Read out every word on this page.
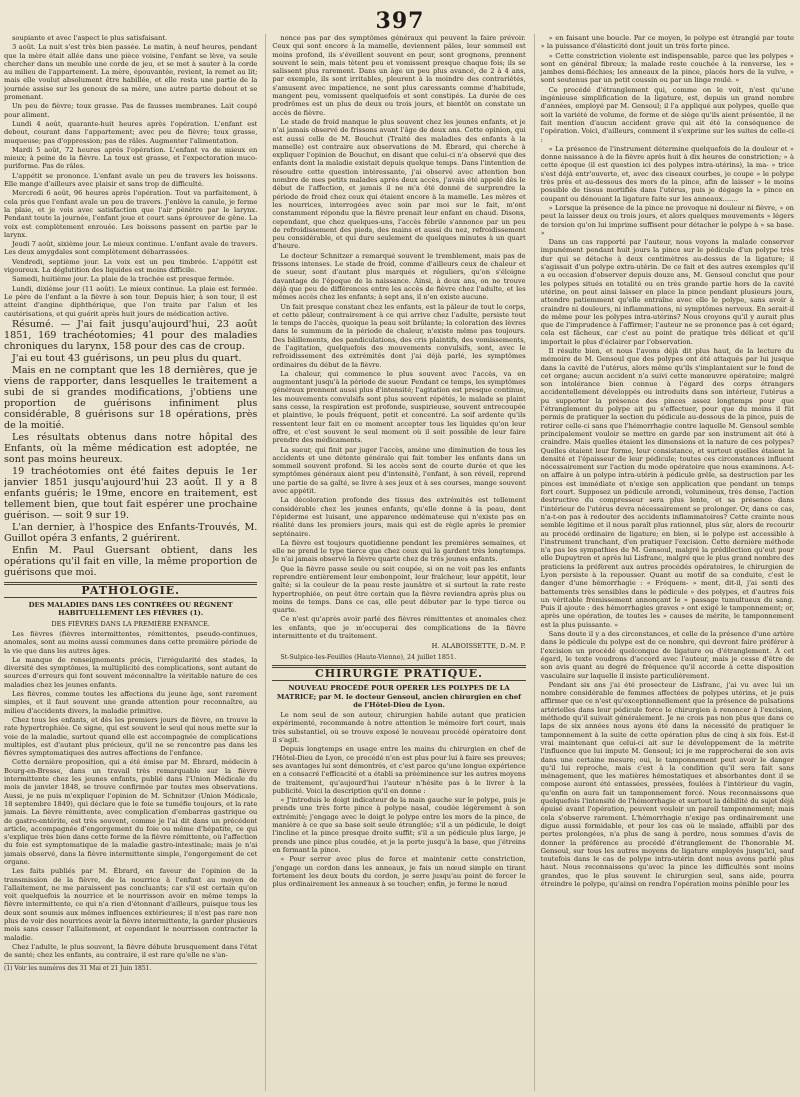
397

soupiante et avec l'aspect le plus satisfaisant.

3 août. La nuit s'est très bien passée. Le matin, à neuf heures, pendant que la mère était allée dans une pièce voisine, l'enfant se lève, va seule chercher dans un meuble une corde de jeu, et se met à sauter à la corde au milieu de l'appartement. La mère, épouvantée, revient, la remet au lit; mais elle voulut absolument être habillée, et elle resta une partie de la journée assise sur les genoux de sa mère, une autre partie debout et se promenant.

Un peu de fièvre; toux grasse. Pas de fausses membranes. Lait coupé pour aliment.

Lundi 4 août, quarante-huit heures après l'opération. L'enfant est debout, courant dans l'appartement; avec peu de fièvre; toux grasse, muqueuse; pas d'oppression; pas de râles. Augmenter l'alimentation.

Mardi 5 août, 72 heures après l'opération. L'enfant va de mieux en mieux; à peine de la fièvre. La toux est grasse, et l'expectoration muco-puriforme. Pas de râles.

L'appétit se prononce. L'enfant avale un peu de travers les boissons. Elle mange d'ailleurs avec plaisir et sans trop de difficulté.

Mercredi 6 août, 96 heures après l'opération. Tout va parfaitement, à cela près que l'enfant avale un peu de travers. J'enlève la canule, je ferme la plaie, et je vois avec satisfaction que l'air pénètre par le larynx. Pendant toute la journée, l'enfant joue et court sans éprouver de gêne. La voix est complètement enrouée. Les boissons passent en partie par le larynx.

Jeudi 7 août, sixième jour. Le mieux continue. L'enfant avale de travers. Les deux amygdales sont complètement débarrassées.

Vendredi, septième jour. La voix est un peu timbrée. L'appétit est vigoureux. La déglutition des liquides est moins difficile.

Samedi, huitième jour. La plaie de la trachée est presque fermée.

Lundi, dixième jour (11 août). Le mieux continue. La plaie est fermée. Le père de l'enfant a la fièvre à son tour. Depuis hier, à son tour, il est atteint d'angine diphthérique, que l'on traite par l'alun et les cautérisations, et qui guérit après huit jours de médication active.

Résumé. — J'ai fait jusqu'aujourd'hui, 23 août 1851, 169 trachéotomies; 41 pour des maladies chroniques du larynx, 158 pour des cas de croup.

J'ai eu tout 43 guérisons, un peu plus du quart.

Mais en ne comptant que les 18 dernières, que je viens de rapporter, dans lesquelles le traitement a subi de si grandes modifications, j'obtiens une proportion de guérisons infiniment plus considérable, 8 guérisons sur 18 opérations, près de la moitié.

Les résultats obtenus dans notre hôpital des Enfants, où la même médication est adoptée, ne sont pas moins heureux.

19 trachéotomies ont été faites depuis le 1er janvier 1851 jusqu'aujourd'hui 23 août. Il y a 8 enfants guéris; le 19me, encore en traitement, est tellement bien, que tout fait espérer une prochaine guérison. — soit 9 sur 19.

L'an dernier, à l'hospice des Enfants-Trouvés, M. Guillot opéra 3 enfants, 2 guérirent.

Enfin M. Paul Guersant obtient, dans les opérations qu'il fait en ville, la même proportion de guérisons que moi.

PATHOLOGIE.
DES MALADIES DANS LES CONTRÉES OU RÈGNENT HABITUELLEMENT LES FIÈVRES (1).
DES FIÈVRES DANS LA PREMIÈRE ENFANCE.

Les fièvres (fièvres intermittentes, rémittentes, pseudo-continues, anomales, sont au moins aussi communes dans cette première période de la vie que dans les autres âges.

Le manque de renseignements précis, l'irrégularité des stades, la diversité des symptômes, la multiplicité des complications, sont autant de sources d'erreurs qui font souvent méconnaître la véritable nature de ces maladies chez les jeunes enfants.

Les fièvres, comme toutes les affections du jeune âge, sont rarement simples, et il faut souvent une grande attention pour reconnaître, au milieu d'accidents divers, la maladie primitive.

Chez tous les enfants, et dès les premiers jours de fièvre, on trouve la rate hypertrophiée. Ce signe, qui est souvent le seul qui nous mette sur la voie de la maladie, surtout quand elle est accompagnée de complications multiples, est d'autant plus précieux, qu'il ne se rencontre pas dans les fièvres symptomatiques des autres affections de l'enfance.

Cette dernière proposition, qui a été émise par M. Ébrard, médecin à Bourg-en-Bresse, dans un travail très remarquable sur la fièvre intermittente chez les jeunes enfants, publié dans l'Union Médicale du mois de janvier 1848, se trouve confirmée par toutes mes observations. Aussi, je ne puis m'expliquer l'opinion de M. Schnitzer (Union Médicale, 18 septembre 1849), qui déclare que le foie se tuméfie toujours, et la rate jamais. La fièvre rémittente, avec complication d'embarras gastrique ou de gastro-entérite, est très souvent, comme je l'ai dit dans un précédent article, accompagnée d'engorgement du foie ou même d'hépatite, ce qui s'explique très bien dans cette forme de la fièvre rémittente, où l'affection du foie est symptomatique de la maladie gastro-intestinale; mais je n'ai jamais observé, dans la fièvre intermittente simple, l'engorgement de cet organe.

Les faits publiés par M. Ébrard, en faveur de l'opinion de la transmission de la fièvre, de la nourrice à l'enfant au moyen de l'allaitement, ne me paraissent pas concluants; car s'il est certain qu'on voit quelquefois la nourrice et le nourrisson avoir en même temps la fièvre intermittente, ce qui n'a rien d'étonnant d'ailleurs, puisque tous les deux sont soumis aux mêmes influences extérieures; il n'est pas rare non plus de voir des nourrices avoir la fièvre intermittente, la garder plusieurs mois sans cesser l'allaitement, et cependant le nourrisson contracter la maladie.

Chez l'adulte, le plus souvent, la fièvre débute brusquement dans l'état de santé; chez les enfants, au contraire, il est rare qu'elle ne s'an-

(1) Voir les numéros des 31 Mai et 21 Juin 1851.

nonce pas par des symptômes généraux qui peuvent la faire prévoir. Ceux qui sont encore à la mamelle, deviennent pâles, leur sommeil est moins profond, ils s'éveillent souvent en peur, sont grognons, prennent souvent le sein, mais tètent peu et vomissent presque chaque fois; ils se salissent plus rarement. Dans un âge un peu plus avancé, de 2 à 4 ans, par exemple, ils sont irritables, pleurent à la moindre des contrariétés, s'amusent avec impatience, ne sont plus caressants comme d'habitude, mangent peu, vomissent quelquefois et sont constipés. La durée de ces prodrômes est un plus de deux ou trois jours, et bientôt on constate un accès de fièvre.

Le stade de froid manque le plus souvent chez les jeunes enfants, et je n'ai jamais observé de frissons avant l'âge de deux ans. Cette opinion, qui est aussi celle de M. Bouchut (Traité des maladies des enfants à la mamelle) est contraire aux observations de M. Ébrard, qui cherche à expliquer l'opinion de Bouchut, en disant que celui-ci n'a observé que des enfants dont la maladie existait depuis quelque temps. Dans l'intention de résoudre cette question intéressante, j'ai observé avec attention bon nombre de mes petits malades après deux accès, j'avais été appelé dès le début de l'affection, et jamais il ne m'a été donné de surprendre la période de froid chez ceux qui étaient encore à la mamelle. Les mères et les nourrices, interrogées avec soin par moi sur le fait, m'ont constamment répondu que la fièvre prenait leur enfant en chaud. Disons, cependant, que chez quelques-uns, l'accès fébrile s'annonce par un peu de refroidissement des pieds, des mains et aussi du nez, refroidissement peu considérable, et qui dure seulement de quelques minutes à un quart d'heure.

Le docteur Schnitzer a remarqué souvent le tremblement, mais pas de frissons intenses. Le stade de froid, comme d'ailleurs ceux de chaleur et de sueur, sont d'autant plus marqués et réguliers, qu'on s'éloigne davantage de l'époque de la naissance. Ainsi, à deux ans, on ne trouve déjà que peu de différences entre les accès de fièvre chez l'adulte, et les mêmes accès chez les enfants; à sept ans, il n'en existe aucune.

Un fait presque constant chez les enfants, est la pâleur de tout le corps, et cette pâleur, contrairement à ce qui arrive chez l'adulte, persiste tout le temps de l'accès, quoique la peau soit brûlante; la coloration des lèvres dans le summum de la période de chaleur, n'existe même pas toujours. Des bâillements, des pandiculations, des cris plaintifs, des vomissements, de l'agitation, quelquefois des mouvements convulsifs, sont, avec le refroidissement des extrémités dont j'ai déjà parlé, les symptômes ordinaires du début de la fièvre.

La chaleur, qui commence le plus souvent avec l'accès, va en augmentant jusqu'à la période de sueur. Pendant ce temps, les symptômes généraux prennent aussi plus d'intensité; l'agitation est presque continue, les mouvements convulsifs sont plus souvent répétés, le malade se plaint sans cesse, la respiration est profonde, suspirieuse, souvent entrecoupée et plaintive, le pouls fréquent, petit et concentré. La soif ardente qu'ils ressentent leur fait en ce moment accepter tous les liquides qu'on leur offre, et c'est souvent le seul moment où il soit possible de leur faire prendre des médicaments.

La sueur, qui finit par juger l'accès, amène une diminution de tous les accidents et une détente générale qui fait tomber les enfants dans un sommeil souvent profond. Si les accès sont de courte durée et que les symptômes généraux aient peu d'intensité, l'enfant, à son réveil, reprend une partie de sa gaîté, se livre à ses jeux et à ses courses, mange souvent avec appétit.

La décoloration profonde des tissus des extrémités est tellement considérable chez les jeunes enfants, qu'elle donne à la peau, dont l'épiderme est luisant, une apparence œdémateuse qui n'existe pas en réalité dans les premiers jours, mais qui est de règle après le premier septénaire.

La fièvre est toujours quotidienne pendant les premières semaines, et elle ne prend le type tierce que chez ceux qui la gardent très longtemps. Je n'ai jamais observé la fièvre quarte chez de très jeunes enfants.

Que la fièvre passe seule ou soit coupée, si on ne voit pas les enfants reprendre entièrement leur embonpoint, leur fraîcheur, leur appétit, leur gaîté; si la couleur de la peau reste jaunâtre et si surtout la rate reste hypertrophiée, on peut être certain que la fièvre reviendra après plus ou moins de temps. Dans ce cas, elle peut débuter par le type tierce ou quarte.

Ce n'est qu'après avoir parlé des fièvres rémittentes et anomales chez les enfants, que je m'occuperai des complications de la fièvre intermittente et du traitement.

H. ALABOISSETTE, D.-M. P.
St-Sulpice-les-Feuilles (Haute-Vienne), 24 juillet 1851.
CHIRURGIE PRATIQUE.
NOUVEAU PROCÉDÉ POUR OPÉRER LES POLYPES DE LA MATRICE; par M. le docteur Gensoul, ancien chirurgien en chef de l'Hôtel-Dieu de Lyon.

Le nom seul de son auteur, chirurgien habile autant que praticien expérimenté, recommande à notre attention le mémoire fort court, mais très substantiel, où se trouve exposé le nouveau procédé opératoire dont il s'agit.

Depuis longtemps en usage entre les mains du chirurgien en chef de l'Hôtel-Dieu de Lyon, ce procédé n'en est plus pour lui à faire ses preuves; ses avantages lui sont démontrés, et c'est parce qu'une longue expérience en a consacré l'efficacité et a établi sa prééminence sur les autres moyens de traitement, qu'aujourd'hui l'auteur n'hésite pas à le livrer à la publicité. Voici la description qu'il en donne :

« J'introduis le doigt indicateur de la main gauche sur le polype, puis je prends une très forte pince à polype nasal, coudée légèrement à son extrémité; j'engage avec le doigt le polype entre les mors de la pince, de manière à ce que sa base soit seule étranglée; s'il a un pédicule, le doigt l'incline et la pince presque droite suffit; s'il a un pédicule plus large, je prends une pince plus coudée, et je la porte jusqu'à la base, que j'étreins en fermant la pince.

« Pour serrer avec plus de force et maintenir cette constriction, j'engage un cordon dans les anneaux, je fais un nœud simple en tirant fortement les deux bouts du cordon, je serre jusqu'au point de forcer le plus ordinairement les anneaux à se toucher; enfin, je ferme le nœud

» en faisant une boucle. Par ce moyen, le polype est étranglé par toute » la puissance d'élasticité dont jouit un très forte pince.

» Cette constriction violente est indispensable, parce que les polypes » sont en général fibreux; la malade reste couchée à la renverse, les » jambes demi-fléchies; les anneaux de la pince, placés hors de la vulve, » sont soutenus par un petit coussin ou par un linge roulé. »

Ce procédé d'étranglement qui, comme on le voit, n'est qu'une ingénieuse simplification de la ligature, est, depuis un grand nombre d'années, employé par M. Gensoul; il l'a appliqué aux polypes, quelle que soit la variété de volume, de forme et de siège qu'ils aient présentée, il ne fait mention d'aucun accident grave qui ait été la conséquence de l'opération. Voici, d'ailleurs, comment il s'exprime sur les suites de celle-ci :

« La présence de l'instrument détermine quelquefois de la douleur et » donne naissance à de la fièvre après huit à dix heures de constriction; » à cette époque (il est question ici des polypes intra-utérins), la ma- » trice s'est déjà entr'ouverte, et, avec des ciseaux courbes, je coupe » le polype très près et au-dessous des mors de la pince, afin de laisser » le moins possible de tissus mortifiés dans l'utérus, puis je dégage la » pince en coupant ou dénouant la ligature faite sur les anneaux…….

» Lorsque la présence de la pince ne provoque ni douleur ni fièvre, » on peut la laisser deux ou trois jours, et alors quelques mouvements » légers de torsion qu'on lui imprime suffisent pour détacher le polype à » sa base. »

Dans un cas rapporté par l'auteur, nous voyons la malade conserver impunément pendant huit jours la pince sur le pédicule d'un polype très dur qui se détache à deux centimètres au-dessus de la ligature; il s'agissait d'un polype extra-utérin. De ce fait et des autres exemples qu'il a eu occasion d'observer depuis douze ans, M. Gensoul conclut que pour les polypes situés en totalité ou en très grande partie hors de la cavité utérine, on peut ainsi laisser en place la pince pendant plusieurs jours, attendre patiemment qu'elle entraîne avec elle le polype, sans avoir à craindre ni douleurs, ni inflammations, ni symptômes nerveux. En serait-il de même pour les polypes intra-utérins? Nous croyons qu'il y aurait plus que de l'imprudence à l'affirmer; l'auteur ne se prononce pas à cet égard; cela est fâcheux, car c'est au point de pratique très délicat et qu'il importait le plus d'éclairer par l'observation.

Il résulte bien, et nous l'avons déjà dit plus haut, de la lecture du mémoire de M. Gensoul que des polypes ont été attaqués par lui jusque dans la cavité de l'utérus, alors même qu'ils s'implantaient sur le fond de cet organe; aucun accident n'a suivi cette manœuvre opératoire; malgré son intolérance bien connue à l'égard des corps étrangers accidentellement développés ou introduits dans son intérieur, l'utérus a pu supporter la présence des pinces assez longtemps pour que l'étranglement du polype ait pu s'effectuer, pour que du moins il fût permis de pratiquer la section du pédicule au-dessous de la pince, puis de retirer celle-ci sans que l'hémorrhagie contre laquelle M. Gensoul semble principalement vouloir se mettre en garde par son instrument ait été à craindre. Mais quelles étaient les dimensions et la nature de ces polypes? Quelles étaient leur forme, leur consistance, et surtout quelles étaient la densité et l'épaisseur de leur pédicule; toutes ces circonstances influent nécessairement sur l'action du mode opératoire que nous examinons. A-t-on affaire à un polype intra-utérin à pédicule grêle, sa destruction par les pinces est immédiate et n'exige son application que pendant un temps fort court. Supposez un pédicule arrondi, volumineux, très dense, l'action destructive du compresseur sera plus lente, et sa présence dans l'intérieur de l'utérus devra nécessairement se prolonger. Or, dans ce cas, n'a-t-on pas à redouter des accidents inflammatoires? Cette crainte nous semble légitime et il nous paraît plus rationnel, plus sûr, alors de recourir au procédé ordinaire de ligature; en bien, si le polype est accessible à l'instrument tranchant, d'en pratiquer l'excision. Cette dernière méthode n'a pas les sympathies de M. Gensoul, malgré la prédilection qu'eut pour elle Dupuytren et après lui Lisfranc, malgré que le plus grand nombre des praticiens la préfèrent aux autres procédés opératoires, le chirurgien de Lyon persiste à la repousser. Quant au motif de sa conduite, c'est le danger d'une hémorrhagie : « Fréquem- » ment, dit-il, j'ai senti des battements très sensibles dans le pédicule » des polypes, et d'autres fois un véritable frémissement annonçant le » passage tumultueux du sang. Puis il ajoute : des hémorrhagies graves » ont exigé le tamponnement; or, après une opération, de toutes les » causes de mérite, le tamponnement est la plus puissante. »

Sans doute il y a des circonstances, et celle de la présence d'une artère dans le pédicule du polype est de ce nombre, qui devront faire préférer à l'excision un procédé quelconque de ligature ou d'étranglement. À cet égard, le texte voudrons d'accord avec l'auteur, mais je cesse d'être de son avis quant au degré de fréquence qu'il accorde à cette disposition vasculaire sur laquelle il insiste particulièrement.

Pendant six ans j'ai été prosecteur de Lisfranc, j'ai vu avec lui un nombre considérable de femmes affectées de polypes utérins, et je puis affirmer que ce n'est qu'exceptionnellement que la présence de pulsations artérielles dans leur pédicule force le chirurgien à renoncer à l'excision, méthode qu'il suivait généralement. Je ne crois pas non plus que dans ce laps de six années nous ayons été dans la nécessité de pratiquer le tamponnement à la suite de cette opération plus de cinq à six fois. Est-il vrai maintenant que celui-ci ait sur le développement de la métrite l'influence que lui impute M. Gensoul; ici je me rapprocherai de son avis dans une certaine mesure; oui, le tamponnement peut avoir le danger qu'il lui reproche, mais c'est à la condition qu'il sera fait sans ménagement, que les matières hémostatiques et absorbantes dont il se compose auront été entassées, pressées, foulées à l'intérieur du vagin, qu'enfin on aura fait un tamponnement forcé. Nous reconnaissons que quelquefois l'intensité de l'hémorrhagie et surtout la débilité du sujet déjà épuisé avant l'opération, peuvent vouloir un pareil tamponnement; mais cela s'observe rarement. L'hémorrhagie n'exige pas ordinairement une digue aussi formidable, et pour les cas où le malade, affaibli par des pertes prolongées, n'a plus de sang à perdre, nous sommes d'avis de donner la préférence au procédé d'étranglement de l'honorable M. Gensoul, sur tous les autres moyens de ligature employés jusqu'ici, sauf toutefois dans le cas de polype intra-utérin dont nous avons parlé plus haut. Nous reconnaissons qu'avec la pince les difficultés sont moins grandes, que le plus souvent le chirurgien seul, sans aide, pourra étreindre le polype, qu'ainsi on rendra l'opération moins pénible pour les
